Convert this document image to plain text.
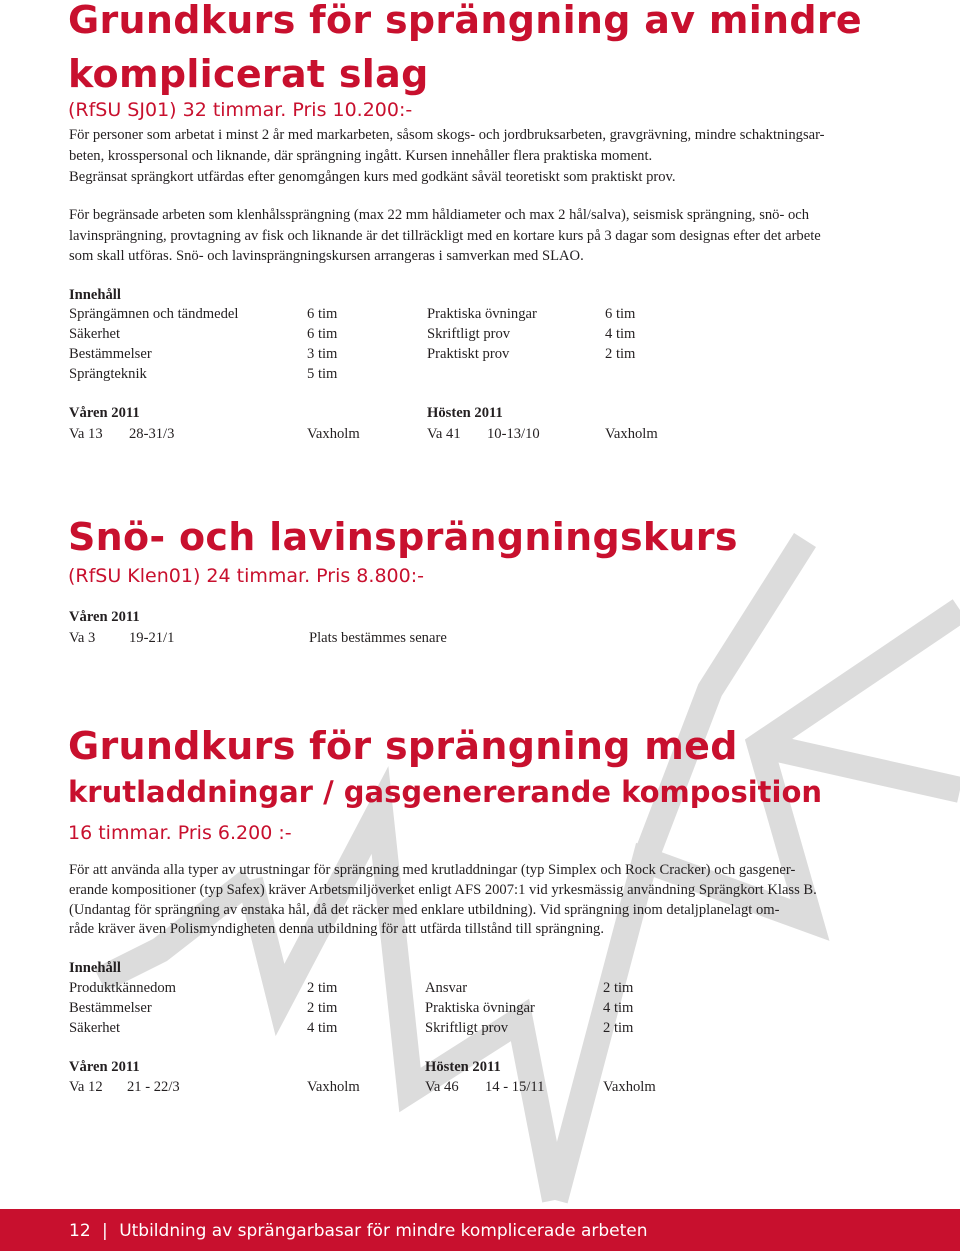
Grundkurs för sprängning av mindre
komplicerat slag
(RfSU SJ01) 32 timmar. Pris 10.200:-
För personer som arbetat i minst 2 år med markarbeten, såsom skogs- och jordbruksarbeten, gravgrävning, mindre schaktningsar-
beten, krosspersonal och liknande, där sprängning ingått. Kursen innehåller flera praktiska moment.
Begränsat sprängkort utfärdas efter genomgången kurs med godkänt såväl teoretiskt som praktiskt prov.
För begränsade arbeten som klenhålssprängning (max 22 mm håldiameter och max 2 hål/salva), seismisk sprängning, snö- och
lavinsprängning, provtagning av fisk och liknande är det tillräckligt med en kortare kurs på 3 dagar som designas efter det arbete
som skall utföras. Snö- och lavinsprängningskursen arrangeras i samverkan med SLAO.
Innehåll
Sprängämnen och tändmedel	6 tim	Praktiska övningar	6 tim
Säkerhet	6 tim	Skriftligt prov	4 tim
Bestämmelser	3 tim	Praktiskt prov	2 tim
Sprängteknik	5 tim
Våren 2011	Hösten 2011
Va 13 28-31/3	Vaxholm	Va 41 10-13/10	Vaxholm
Snö- och lavinsprängningskurs
(RfSU Klen01) 24 timmar. Pris 8.800:-
Våren 2011
Va 3 19-21/1	Plats bestämmes senare
Grundkurs för sprängning med
krutladdningar / gasgenererande komposition
16 timmar. Pris 6.200 :-
För att använda alla typer av utrustningar för sprängning med krutladdningar (typ Simplex och Rock Cracker) och gasgener-
erande kompositioner (typ Safex) kräver Arbetsmiljöverket enligt AFS 2007:1 vid yrkesmässig användning Sprängkort Klass B.
(Undantag för sprängning av enstaka hål, då det räcker med enklare utbildning). Vid sprängning inom detaljplanelagt om-
råde kräver även Polismyndigheten denna utbildning för att utfärda tillstånd till sprängning.
Innehåll
Produktkännedom	2 tim	Ansvar	2 tim
Bestämmelser	2 tim	Praktiska övningar	4 tim
Säkerhet	4 tim	Skriftligt prov	2 tim
Våren 2011	Hösten 2011
Va 12 21 - 22/3	Vaxholm	Va 46 14 - 15/11	Vaxholm
12 | Utbildning av sprängarbasar för mindre komplicerade arbeten
